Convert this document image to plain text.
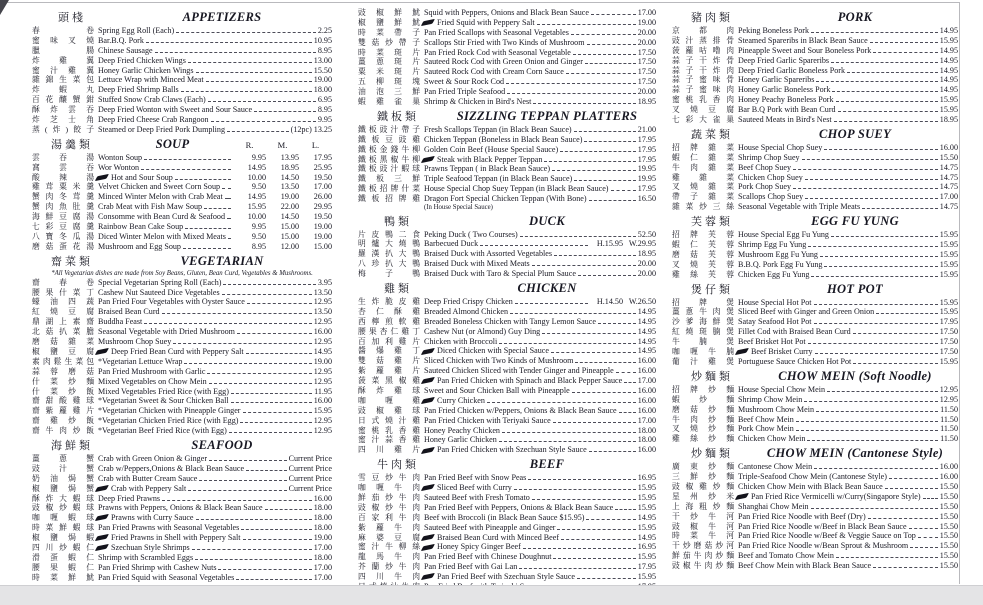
頭棧	APPETIZERS
春卷 Spring Egg Roll (Each)	2.25
蜜味叉燒 Bar.B.Q. Pork	10.95
臘腸 Chinese Sausage	8.95
炸雞翼 Deep Fried Chicken Wings	13.00
蜜汁雞翼 Honey Garlic Chicken Wings	15.50
雜錦生菜包 Lettuce Wrap with Minced Meat	19.00
炸蝦丸 Deep Fried Shrimp Balls	18.00
百花釀蟹鉗 Stuffed Snow Crab Claws (Each)	6.95
酥炸雲吞 Deep Fried Wonton with Sweet and Sour Sauce	8.95
炸芝士角 Deep Fried Cheese Crab Rangoon	9.95
蒸(炸)餃子 Steamed or Deep Fried Pork Dumpling	(12pc) 13.25
湯羹類	SOUP	R.	M.	L.
雲吞湯 Wonton Soup	9.95	13.95	17.95
窩雲吞 Wor Wonton	14.95	18.95	25.95
酸辣湯 Hot and Sour Soup	10.00	14.50	19.50
雞茸粟米羹 Velvet Chicken and Sweet Corn Soup	9.50	13.50	17.00
蟹肉冬茸羹 Minced Winter Melon with Crab Meat	14.95	19.00	26.00
蟹肉魚肚羹 Crab Meat with Fish Maw Soup	15.95	22.00	29.95
海鮮豆腐湯 Consomme with Bean Curd & Seafood	10.00	14.50	19.50
七彩豆腐羹 Rainbow Bean Cake Soup	9.95	15.00	19.00
八寶冬瓜湯 Diced Winter Melon with Mixed Meats	9.50	15.00	19.00
磨菇蛋花湯 Mushroom and Egg Soup	8.95	12.00	15.00
齋菜類	VEGETARIAN
*All Vegetarian dishes are made from Soy Beans, Gluten, Bean Curd, Vegetables & Mushrooms.
齋春卷 Special Vegetarian Spring Roll (Each)	3.95
腰果什菜丁 Cashew Nut Sauteed Dice Vegetables	13.50
蠔油四蔬 Pan Fried Four Vegetables with Oyster Sauce	12.95
紅燒豆腐 Braised Bean Curd	13.50
鼎湖上素齋 Buddha Feast	12.95
北菇扒菜膽 Seasonal Vegetable with Dried Mushroom	16.00
磨菇雜菜 Mushroom Chop Suey	12.95
椒鹽豆腐 Deep Fried Bean Curd with Peppery Salt	14.95
素肉鬆生菜包 *Vegetarian Lettuce Wrap	19.00
蒜蓉磨菇 Pan Fried Mushroom with Garlic	12.95
什菜炒麵 Mixed Vegetables on Chow Mein	12.95
什菜炒飯 Mixed Vegetables Fried Rice (with Egg)	11.95
齋甜酸雞球 *Vegetarian Sweet & Sour Chicken Ball	16.00
齋紫蘿雞片 *Vegetarian Chicken with Pineapple Ginger	15.95
齋雞炒飯 *Vegetarian Chicken Fried Rice (with Egg)	12.95
齋牛肉炒飯 *Vegetarian Beef Fried Rice (with Egg)	12.95
海鮮類	SEAFOOD
薑蔥蟹 Crab with Green Onion & Ginger	Current Price
豉汁蟹 Crab w/Peppers,Onions & Black Bean Sauce	Current Price
奶油焗蟹 Crab with Butter Cream Sauce	Current Price
椒鹽焗蟹 Crab with Peppery Salt	Current Price
酥炸大蝦球 Deep Fried Prawns	16.00
豉椒炒蝦球 Prawns with Peppers, Onions & Black Bean Sauce	18.00
咖喱蝦球 Prawns with Curry Sauce	18.00
時菜鮮蝦球 Pan Fried Prawns with Seasonal Vegetables	18.00
椒鹽焗蝦 Fried Prawns in Shell with Peppery Salt	19.00
四川炒蝦仁 Szechuan Style Shrimps	17.00
滑蛋蝦仁 Shrimp with Scrambled Eggs	18.00
腰果蝦仁 Pan Fried Shrimp with Cashew Nuts	17.00
時菜鮮魷 Pan Fried Squid with Seasonal Vegetables	17.00
豉椒鮮魷 Squid with Peppers, Onions and Black Bean Sauce	17.00
椒鹽鮮魷 Fried Squid with Peppery Salt	19.00
時菜帶子 Pan Fried Scallops with Seasonal Vegetables	20.00
雙菇炒帶子 Scallops Stir Fried with Two Kinds of Mushroom	20.00
時菜斑片 Pan Fried Rock Cod with Seasonal Vegetable	17.50
薑蔥斑片 Sauteed Rock Cod with Green Onion and Ginger	17.50
粟米斑片 Sauteed Rock Cod with Cream Corn Sauce	17.50
五柳斑塊 Sweet & Sour Rock Cod	17.50
油泡三鮮 Pan Fried Triple Seafood	20.00
蝦雞雀巢 Shrimp & Chicken in Bird's Nest	18.95
鐵板類	SIZZLING TEPPAN PLATTERS
鐵板豉汁帶子 Fresh Scallops Teppan (in Black Bean Sauce)	21.00
鐵板豆豉雞 Chicken Teppan (Boneless in Black Bean Sauce)	17.95
鐵板金錢牛柳 Golden Coin Beef (House Special Sauce)	17.95
鐵板黑椒牛柳 Steak with Black Pepper Teppan	17.95
鐵板豉汁蝦球 Prawns Teppan ( in Black Bean Sauce)	19.95
鐵板三鮮 Triple Seafood Teppan (in Black Bean Sauce)	19.95
鐵板招牌什菜 House Special Chop Suey Teppan (in Black Bean Sauce)	17.95
鐵板招牌雞 Dragon Fort Special Chicken Teppan (With Bone)	16.50
(In House Special Sauce)
鴨類	DUCK
片皮鴨二食 Peking Duck ( Two Courses)	52.50
明爐大燒鴨 Barbecued Duck	H.15.95 W.29.95
羅漢扒大鴨 Braised Duck with Assorted Vegetables	18.95
八珍扒大鴨 Braised Duck with Mixed Meats	20.00
梅子鴨 Braised Duck with Taro & Special Plum Sauce	20.00
雞類	CHICKEN
生炸脆皮雞 Deep Fried Crispy Chicken	H.14.50 W.26.50
杏仁酥雞 Breaded Almond Chicken	14.95
西檸煎軟雞 Breaded Boneless Chicken with Tangy Lemon Sauce	14.95
腰果杏仁雞丁 Cashew Nut (or Almond) Guy Ding	14.95
百加利雞片 Chicken with Broccoli	14.95
醬爆雞丁 Diced Chicken with Special Sauce	14.95
雙菇雞片 Sliced Chicken with Two Kinds of Mushroom	16.00
紫蘿雞片 Sauteed Chicken Sliced with Tender Ginger and Pineapple	16.00
菠菜黑椒雞 Pan Fried Chicken with Spinach and Black Pepper Sauce 17.00
酥炸雞球 Sweet and Sour Chicken Ball with Pineapple	16.00
咖喱雞 Curry Chicken	16.00
豉椒雞球 Pan Fried Chicken w/Peppers, Onions & Black Bean Sauce	16.00
日式燒汁雞 Pan Fried Chicken with Teriyaki Sauce	17.00
蜜桃乳香雞 Honey Peachy Chicken	18.00
蜜汁蒜香雞 Honey Garlic Chicken	18.00
四川雞片 Pan Fried Chicken with Szechuan Style Sauce	16.00
牛肉類	BEEF
雪豆炒牛肉 Pan Fried Beef with Snow Peas	16.95
咖喱牛肉 Sliced Beef with Curry	15.95
鮮茄炒牛肉 Sauteed Beef with Fresh Tomato	15.95
豉椒炒牛肉 Pan Fried Beef with Peppers, Onions & Black Bean Sauce	15.95
百家利牛肉 Beef with Broccoli (in Black Bean Sauce $15.95)	14.95
紫蘿牛肉 Sauteed Beef with Pineapple and Ginger	15.95
麻婆豆腐 Braised Bean Curd with Minced Beef	14.95
蜜汁牛柳絲 Honey Spicy Ginger Beef	16.95
龍馬牛肉 Pan Fried Beef with Chinese Doughnut	15.95
芥蘭炒牛肉 Pan Fried Beef with Gai Lan	17.95
四川牛肉 Pan Fried Beef with Szechuan Style Sauce	15.95
豬肉類	PORK
京都肉 Peking Boneless Pork	14.95
豉汁蒸排骨 Steamed Spareribs in Black Bean Sauce	15.95
菠蘿咕嚕肉 Pineapple Sweet and Sour Boneless Pork	14.95
蒜子干炸骨 Deep Fried Garlic Spareribs	14.95
蒜子干炸肉 Deep Fried Garlic Boneless Pork	14.95
蒜子蜜味骨 Honey Garlic Spareribs	14.95
蒜子蜜味肉 Honey Garlic Boneless Pork	14.95
蜜桃乳香肉 Honey Peachy Boneless Pork	15.95
叉燒豆腐 Bar B.Q Pork with Bean Curd	15.95
七彩大雀巢 Sauteed Meats in Bird's Nest	18.95
蔬菜類	CHOP SUEY
招牌雜菜 House Special Chop Suey	16.00
蝦仁雜菜 Shrimp Chop Suey	15.50
牛肉雜菜 Beef Chop Suey	14.75
雞雜菜 Chicken Chop Suey	14.75
叉燒雜菜 Pork Chop Suey	14.75
帶子雜菜 Scallops Chop Suey	17.00
雜菜炒三絲 Seasonal Vegetable with Triple Meats	14.75
芙蓉類	EGG FU YUNG
招牌芙蓉 House Special Egg Fu Yung	15.95
蝦仁芙蓉 Shrimp Egg Fu Yung	15.95
磨菇芙蓉 Mushroom Egg Fu Yung	15.95
叉燒芙蓉 B.B.Q. Pork Egg Fu Yung	15.95
雞絲芙蓉 Chicken Egg Fu Yung	15.95
煲仔類	HOT POT
招牌煲 House Special Hot Pot	15.95
薑蔥牛肉煲 Sliced Beef with Ginger and Green Onion	15.95
沙爹海鮮煲 Satay Seafood Hot Pot	17.95
紅燒斑腩煲 Fillet Cod with Braised Bean Curd	17.50
牛腩煲 Beef Brisket Hot Pot	17.50
咖喱牛腩 Beef Brisket Curry	17.50
葡汁雞煲 Portuguese Sauce Chicken Hot Pot	15.95
炒麵類	CHOW MEIN (Soft Noodle)
招牌炒麵 House Special Chow Mein	12.95
蝦炒麵 Shrimp Chow Mein	12.95
磨菇炒麵 Mushroom Chow Mein	11.50
牛肉炒麵 Beef Chow Mein	11.50
叉燒炒麵 Pork Chow Mein	11.50
雞絲炒麵 Chicken Chow Mein	11.50
炒麵類	CHOW MEIN (Cantonese Style)
廣東炒麵 Cantonese Chow Mein	16.00
三鮮炒麵 Triple-Seafood Chow Mein (Cantonese Style)	16.00
豉椒雞炒麵 Chicken Chow Mein with Black Bean Sauce	15.50
星州炒米 Pan Fried Rice Vermicelli w/Curry(Singapore Style) 15.50
上海粗炒麵 Shanghai Chow Mein	15.50
干炒牛河 Pan Fried Rice Noodle with Beef (Dry)	15.50
豉椒牛河 Pan Fried Rice Noodle w/Beef in Black Bean Sauce	15.50
時菜牛河 Pan Fried Rice Noodle w/Beef & Veggie Sauce on Top	15.50
干炒磨菇炒河 Pan Fried Rice Noodle w/Bean Sprout & Mushroom	15.50
鮮茄牛肉炒麵 Beef and Tomato Chow Mein	15.50
豉椒牛肉炒麵 Beef Chow Mein with Black Bean Sauce	15.50
